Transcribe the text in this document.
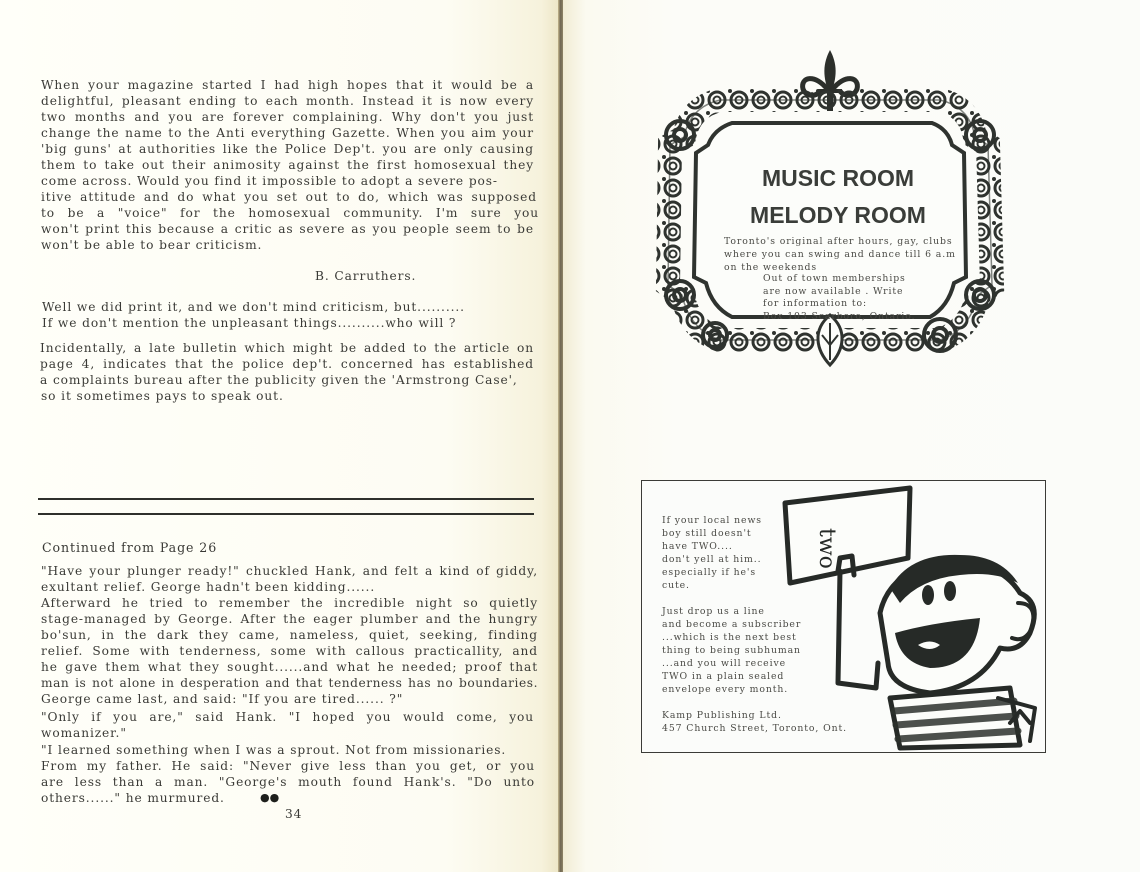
When your magazine started I had high hopes that it would be a
delightful, pleasant ending to each month. Instead it is now every
two months and you are forever complaining. Why don't you just
change the name to the Anti everything Gazette. When you aim your
'big guns' at authorities like the Police Dep't. you are only causing
them to take out their animosity against the first homosexual they
come across. Would you find it impossible to adopt a severe pos-
itive attitude and do what you set out to do, which was supposed
to be a "voice" for the homosexual community. I'm sure you
won't print this because a critic as severe as you people seem to be
won't be able to bear criticism.
B. Carruthers.
Well we did print it, and we don't mind criticism, but..........
If we don't mention the unpleasant things..........who will ?
Incidentally, a late bulletin which might be added to the article on
page 4, indicates that the police dep't. concerned has established
a complaints bureau after the publicity given the 'Armstrong Case',
so it sometimes pays to speak out.
Continued from Page 26
"Have your plunger ready!" chuckled Hank, and felt a kind of giddy,
exultant relief. George hadn't been kidding......
Afterward he tried to remember the incredible night so quietly
stage-managed by George. After the eager plumber and the hungry
bo'sun, in the dark they came, nameless, quiet, seeking, finding
relief. Some with tenderness, some with callous practicallity, and
he gave them what they sought......and what he needed; proof that
man is not alone in desperation and that tenderness has no boundaries.
George came last, and said: "If you are tired...... ?"
"Only if you are," said Hank. "I hoped you would come, you
womanizer."
"I learned something when I was a sprout. Not from missionaries.
From my father. He said: "Never give less than you get, or you
are less than a man. "George's mouth found Hank's. "Do unto
others......" he murmured.	●●
34
MUSIC ROOM
MELODY ROOM
Toronto's original after hours, gay, clubs
where you can swing and dance till 6 a.m
on the weekends
Out of town memberships
are now available . Write
for information to:
Box 103 Scarboro, Ontario.
If your local news
boy still doesn't
have TWO....
don't yell at him..
especially if he's
cute.
Just drop us a line
and become a subscriber
...which is the next best
thing to being subhuman
...and you will receive
TWO in a plain sealed
envelope every month.
Kamp Publishing Ltd.
457 Church Street, Toronto, Ont.
two
